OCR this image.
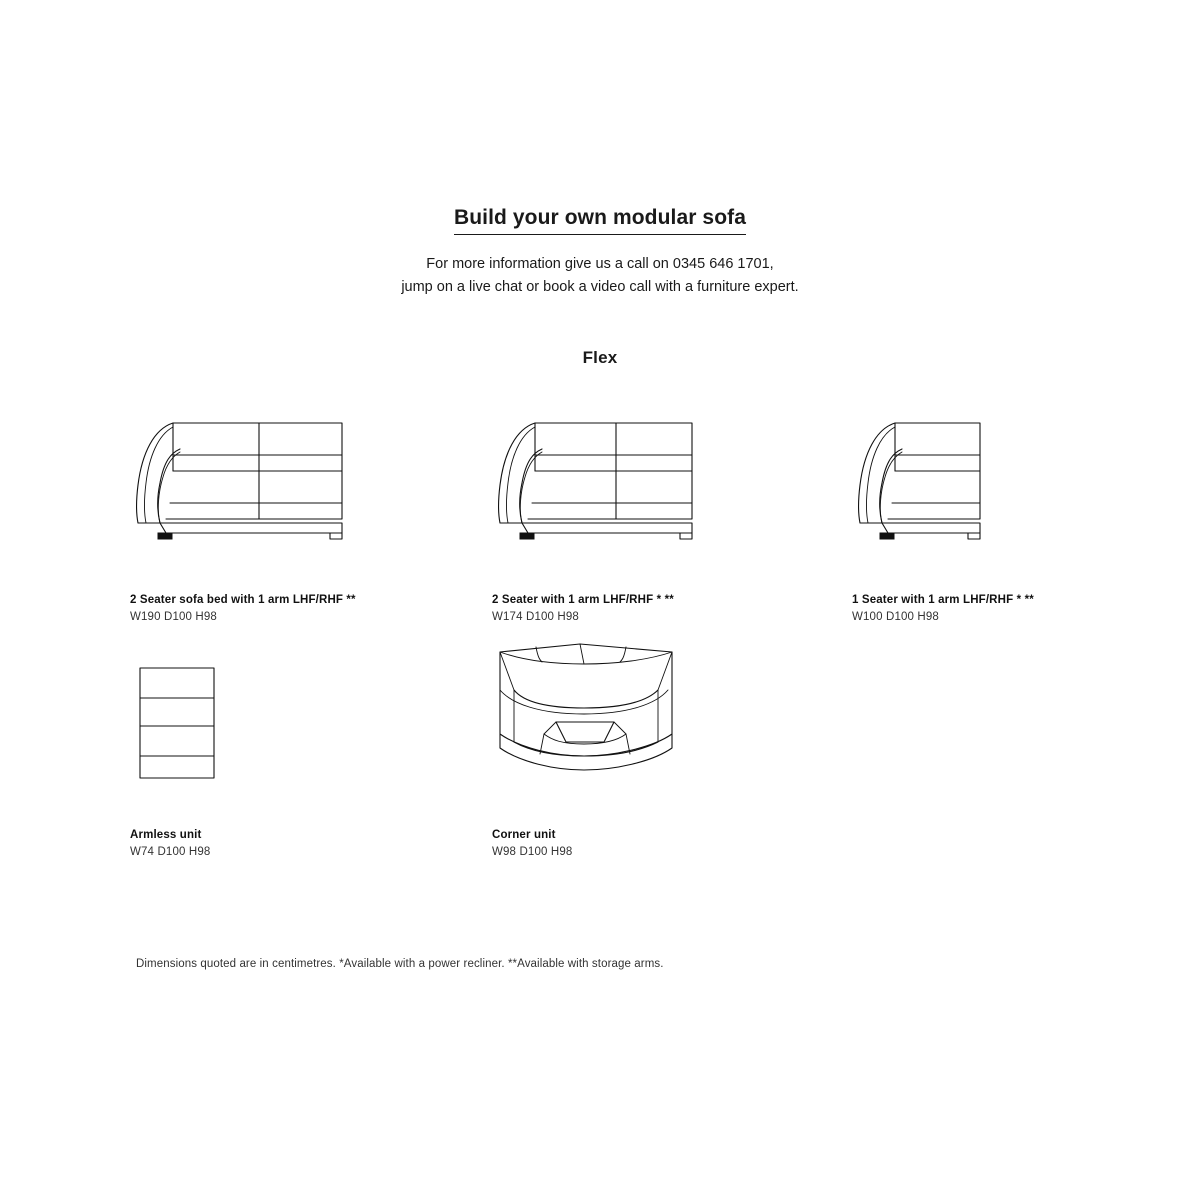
Build your own modular sofa
For more information give us a call on 0345 646 1701,
jump on a live chat or book a video call with a furniture expert.
Flex
2 Seater sofa bed with 1 arm LHF/RHF **
W190 D100 H98
2 Seater with 1 arm LHF/RHF * **
W174 D100 H98
1 Seater with 1 arm LHF/RHF * **
W100 D100 H98
Armless unit
W74 D100 H98
Corner unit
W98 D100 H98
Dimensions quoted are in centimetres. *Available with a power recliner. **Available with storage arms.
